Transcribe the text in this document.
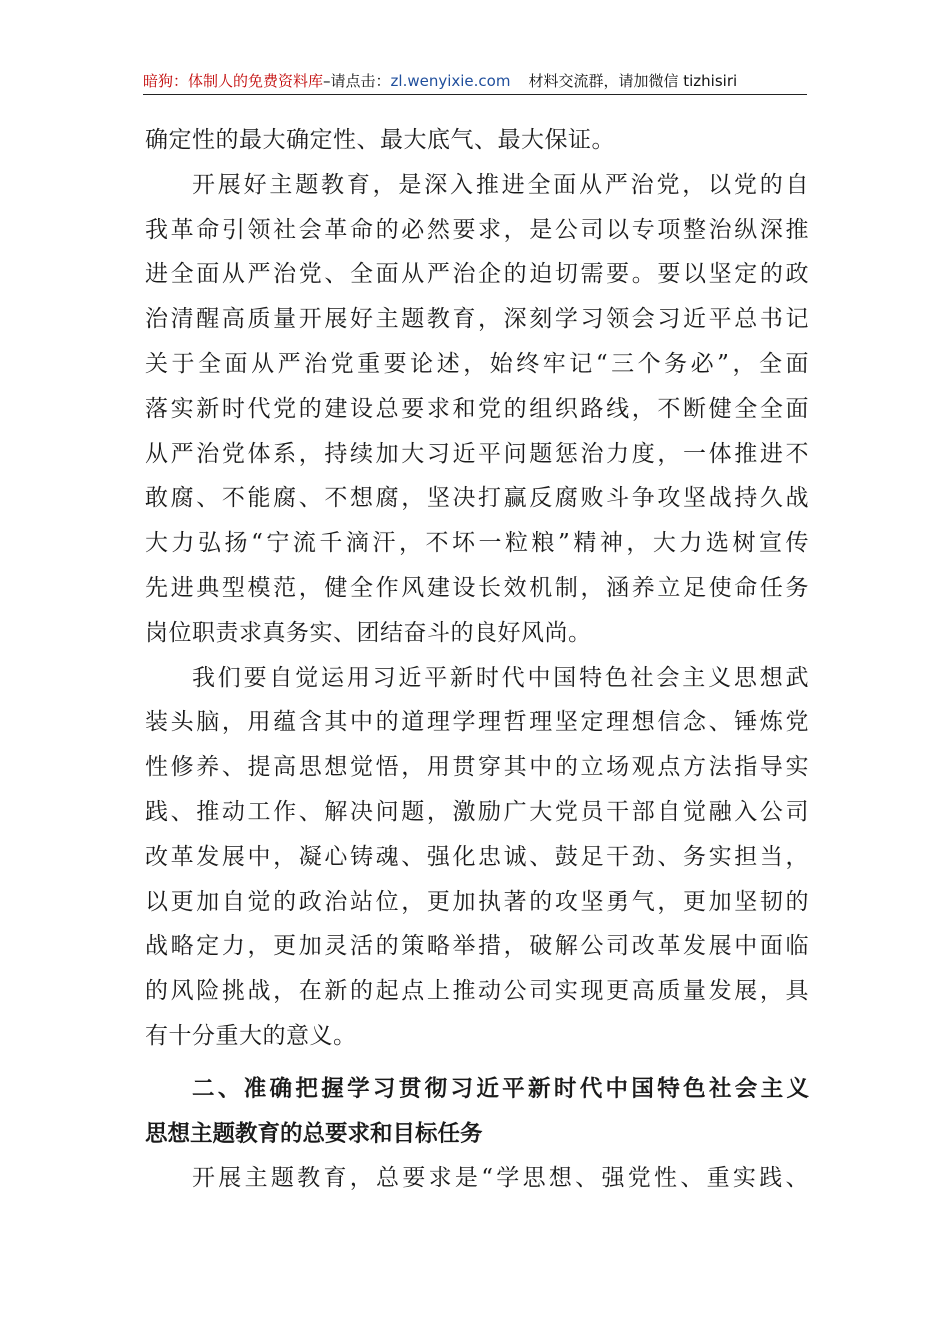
暗狗：体制人的免费资料库–请点击：zl.wenyixie.com 材料交流群，请加微信 tizhisiri
确定性的最大确定性、最大底气、最大保证。
开展好主题教育，是深入推进全面从严治党，以党的自
我革命引领社会革命的必然要求，是公司以专项整治纵深推
进全面从严治党、全面从严治企的迫切需要。要以坚定的政
治清醒高质量开展好主题教育，深刻学习领会习近平总书记
关于全面从严治党重要论述，始终牢记“三个务必”，全面
落实新时代党的建设总要求和党的组织路线，不断健全全面
从严治党体系，持续加大习近平问题惩治力度，一体推进不
敢腐、不能腐、不想腐，坚决打赢反腐败斗争攻坚战持久战
大力弘扬“宁流千滴汗，不坏一粒粮”精神，大力选树宣传
先进典型模范，健全作风建设长效机制，涵养立足使命任务
岗位职责求真务实、团结奋斗的良好风尚。
我们要自觉运用习近平新时代中国特色社会主义思想武
装头脑，用蕴含其中的道理学理哲理坚定理想信念、锤炼党
性修养、提高思想觉悟，用贯穿其中的立场观点方法指导实
践、推动工作、解决问题，激励广大党员干部自觉融入公司
改革发展中，凝心铸魂、强化忠诚、鼓足干劲、务实担当，
以更加自觉的政治站位，更加执著的攻坚勇气，更加坚韧的
战略定力，更加灵活的策略举措，破解公司改革发展中面临
的风险挑战，在新的起点上推动公司实现更高质量发展，具
有十分重大的意义。
二、准确把握学习贯彻习近平新时代中国特色社会主义
思想主题教育的总要求和目标任务
开展主题教育，总要求是“学思想、强党性、重实践、
